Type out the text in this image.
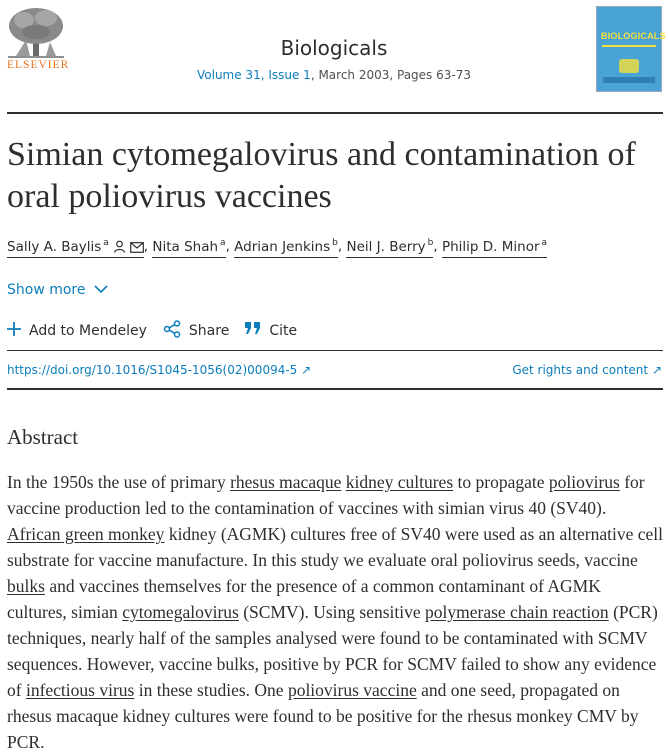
ELSEVIER
Biologicals
Volume 31, Issue 1, March 2003, Pages 63-73
BIOLOGICALS
Simian cytomegalovirus and contamination of oral poliovirus vaccines
Sally A. Baylis $^a$	, Nita Shah $^a$, Adrian Jenkins $^b$, Neil J. Berry $^b$, Philip D. Minor $^a$
Show more
Add to Mendeley	Share	Cite
https://doi.org/10.1016/S1045-1056(02)00094-5 ↗	Get rights and content ↗
Abstract

In the 1950s the use of primary rhesus macaque kidney cultures to propagate poliovirus for vaccine production led to the contamination of vaccines with simian virus 40 (SV40). African green monkey kidney (AGMK) cultures free of SV40 were used as an alternative cell substrate for vaccine manufacture. In this study we evaluate oral poliovirus seeds, vaccine bulks and vaccines themselves for the presence of a common contaminant of AGMK cultures, simian cytomegalovirus (SCMV). Using sensitive polymerase chain reaction (PCR) techniques, nearly half of the samples analysed were found to be contaminated with SCMV sequences. However, vaccine bulks, positive by PCR for SCMV failed to show any evidence of infectious virus in these studies. One poliovirus vaccine and one seed, propagated on rhesus macaque kidney cultures were found to be positive for the rhesus monkey CMV by PCR.
